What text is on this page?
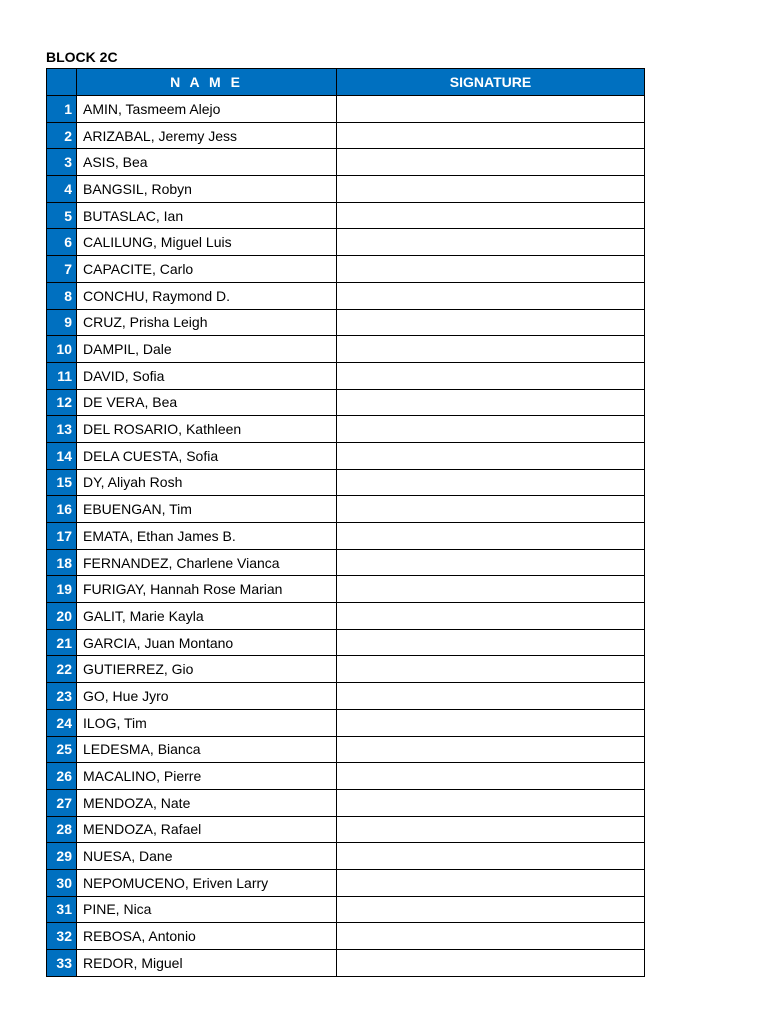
BLOCK 2C
	N A M E	SIGNATURE
1	AMIN, Tasmeem Alejo	
2	ARIZABAL, Jeremy Jess	
3	ASIS, Bea	
4	BANGSIL, Robyn	
5	BUTASLAC, Ian	
6	CALILUNG, Miguel Luis	
7	CAPACITE, Carlo	
8	CONCHU, Raymond D.	
9	CRUZ, Prisha Leigh	
10	DAMPIL, Dale	
11	DAVID, Sofia	
12	DE VERA, Bea	
13	DEL ROSARIO, Kathleen	
14	DELA CUESTA, Sofia	
15	DY, Aliyah Rosh	
16	EBUENGAN, Tim	
17	EMATA, Ethan James B.	
18	FERNANDEZ, Charlene Vianca	
19	FURIGAY, Hannah Rose Marian	
20	GALIT, Marie Kayla	
21	GARCIA, Juan Montano	
22	GUTIERREZ, Gio	
23	GO, Hue Jyro	
24	ILOG, Tim	
25	LEDESMA, Bianca	
26	MACALINO, Pierre	
27	MENDOZA, Nate	
28	MENDOZA, Rafael	
29	NUESA, Dane	
30	NEPOMUCENO, Eriven Larry	
31	PINE, Nica	
32	REBOSA, Antonio	
33	REDOR, Miguel	
